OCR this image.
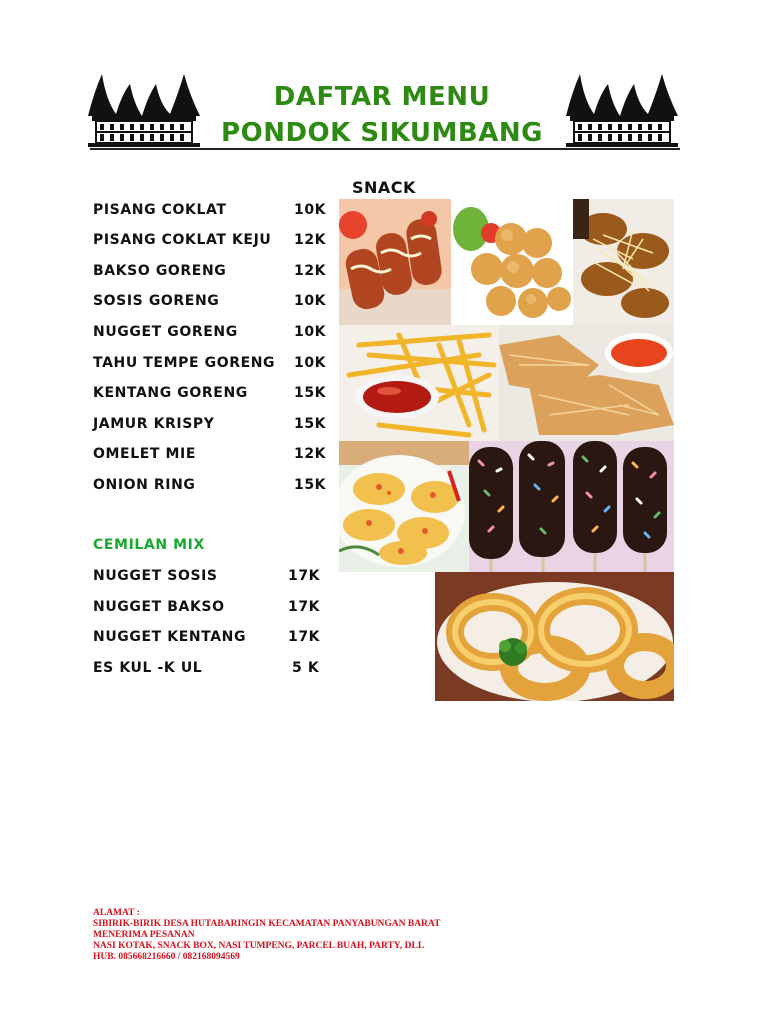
DAFTAR MENU
PONDOK SIKUMBANG
SNACK
PISANG COKLAT	10K
PISANG COKLAT KEJU 12K
BAKSO GORENG	12K
SOSIS GORENG	10K
NUGGET GORENG	10K
TAHU TEMPE GORENG 10K
KENTANG GORENG	15K
JAMUR KRISPY	15K
OMELET MIE	12K
ONION RING	15K
CEMILAN MIX
NUGGET SOSIS	17K
NUGGET BAKSO	17K
NUGGET KENTANG	17K
ES KUL -K UL	5 K
ALAMAT :
SIBIRIK-BIRIK DESA HUTABARINGIN KECAMATAN PANYABUNGAN BARAT
MENERIMA PESANAN
NASI KOTAK, SNACK BOX, NASI TUMPENG, PARCEL BUAH, PARTY, DLL
HUB. 085668216660 / 082168094569
